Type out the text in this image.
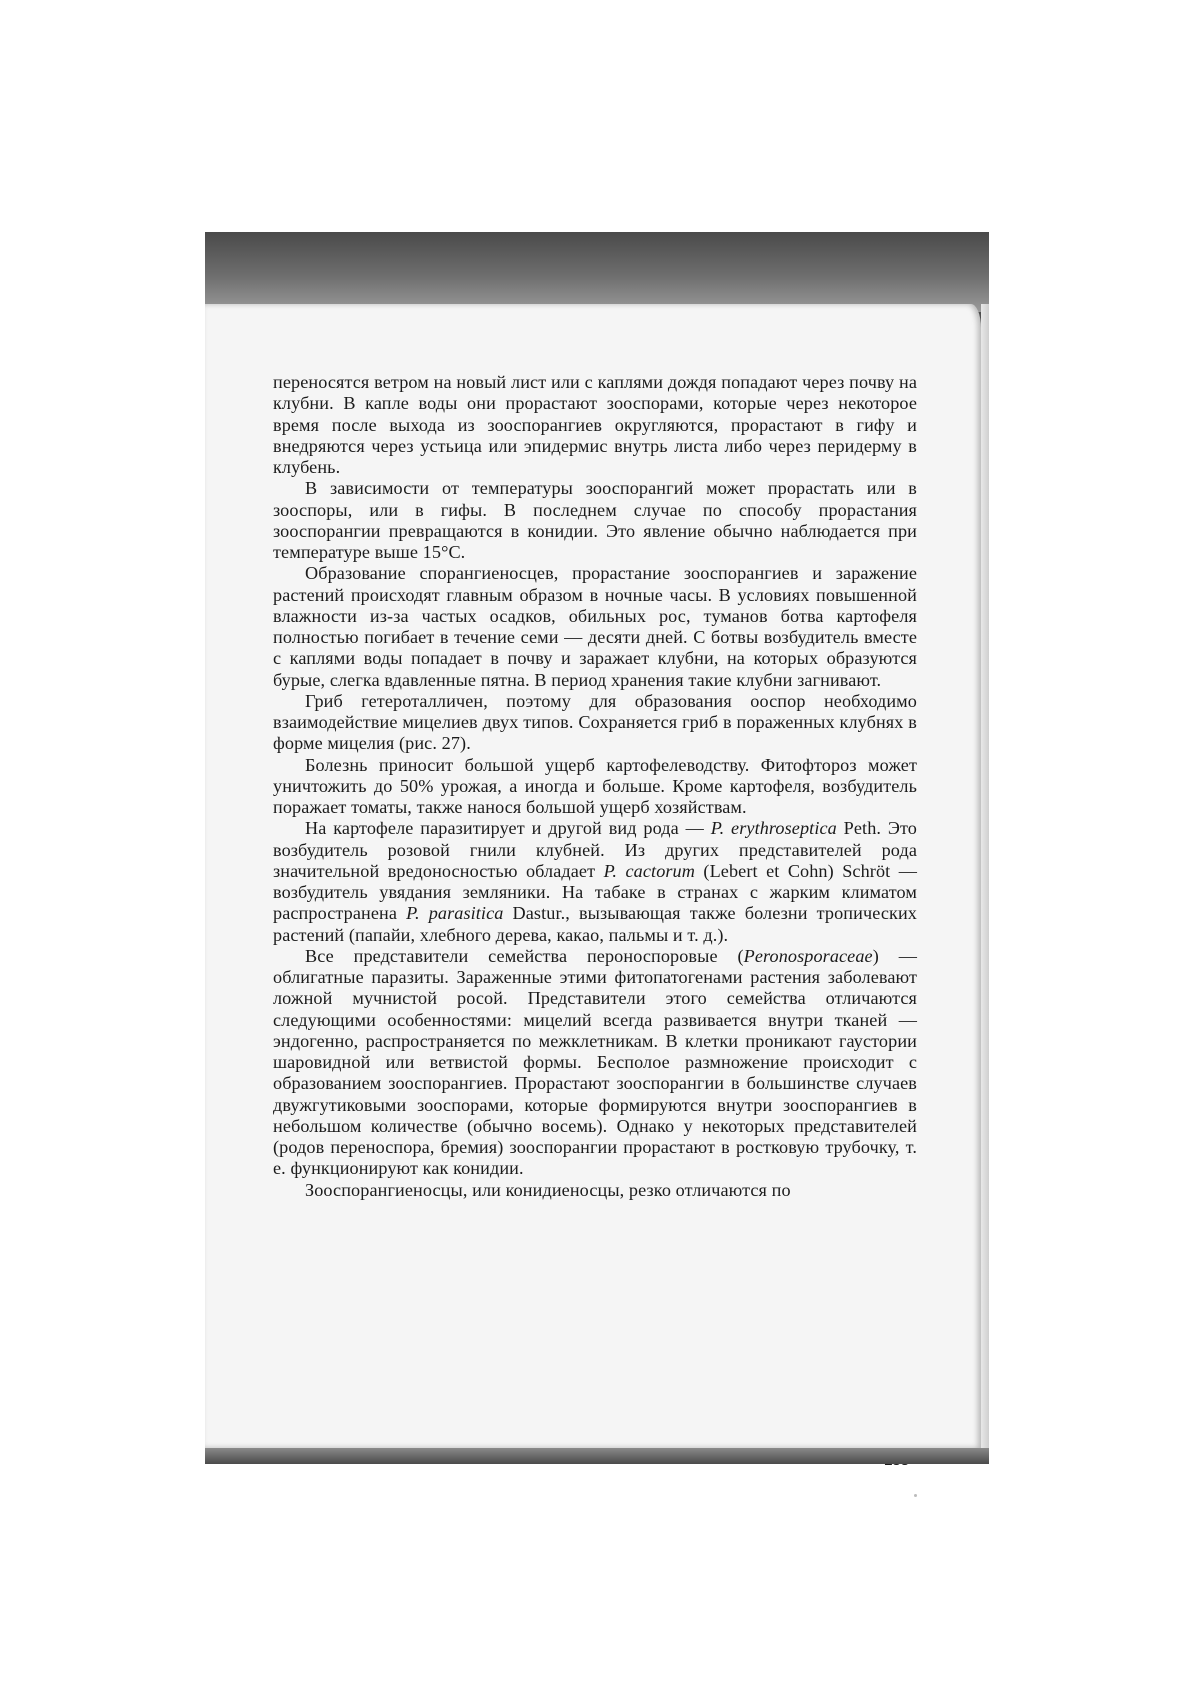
переносятся ветром на новый лист или с каплями дождя попадают через почву на клубни. В капле воды они прорастают зооспорами, которые через некоторое время после выхода из зооспорангиев округляются, прорастают в гифу и внедряются через устьица или эпидермис внутрь листа либо через перидерму в клубень.

В зависимости от температуры зооспорангий может прорастать или в зооспоры, или в гифы. В последнем случае по способу прорастания зооспорангии превращаются в конидии. Это явление обычно наблюдается при температуре выше 15°С.

Образование спорангиеносцев, прорастание зооспорангиев и заражение растений происходят главным образом в ночные часы. В условиях повышенной влажности из-за частых осадков, обильных рос, туманов ботва картофеля полностью погибает в течение семи — десяти дней. С ботвы возбудитель вместе с каплями воды попадает в почву и заражает клубни, на которых образуются бурые, слегка вдавленные пятна. В период хранения такие клубни загнивают.

Гриб гетероталличен, поэтому для образования ооспор необходимо взаимодействие мицелиев двух типов. Сохраняется гриб в пораженных клубнях в форме мицелия (рис. 27).

Болезнь приносит большой ущерб картофелеводству. Фитофтороз может уничтожить до 50% урожая, а иногда и больше. Кроме картофеля, возбудитель поражает томаты, также нанося большой ущерб хозяйствам.

На картофеле паразитирует и другой вид рода — P. erythroseptica Peth. Это возбудитель розовой гнили клубней. Из других представителей рода значительной вредоносностью обладает P. cactorum (Lebert et Cohn) Schröt — возбудитель увядания земляники. На табаке в странах с жарким климатом распространена P. parasitica Dastur., вызывающая также болезни тропических растений (папайи, хлебного дерева, какао, пальмы и т. д.).

Все представители семейства пероноспоровые (Peronosporaceae) — облигатные паразиты. Зараженные этими фитопатогенами растения заболевают ложной мучнистой росой. Представители этого семейства отличаются следующими особенностями: мицелий всегда развивается внутри тканей — эндогенно, распространяется по межклетникам. В клетки проникают гаустории шаровидной или ветвистой формы. Бесполое размножение происходит с образованием зооспорангиев. Прорастают зооспорангии в большинстве случаев двужгутиковыми зооспорами, которые формируются внутри зооспорангиев в небольшом количестве (обычно восемь). Однако у некоторых представителей (родов переноспора, бремия) зооспорангии прорастают в ростковую трубочку, т. е. функционируют как конидии.

Зооспорангиеносцы, или конидиеносцы, резко отличаются по
